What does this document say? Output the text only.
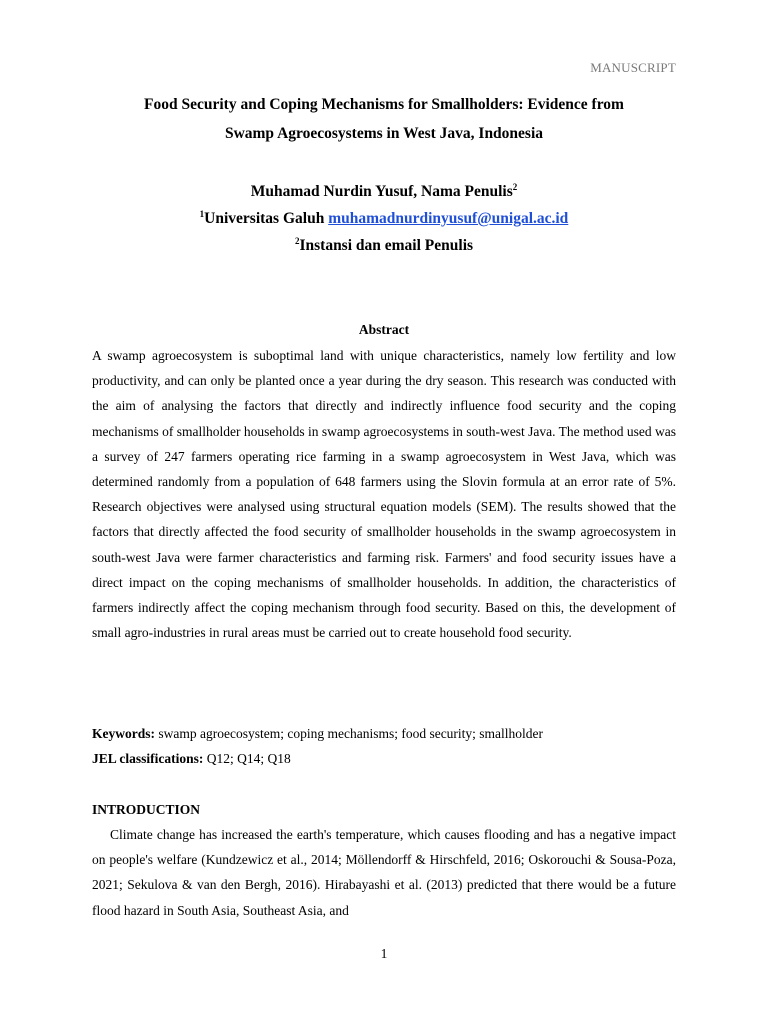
MANUSCRIPT
Food Security and Coping Mechanisms for Smallholders: Evidence from
Swamp Agroecosystems in West Java, Indonesia
Muhamad Nurdin Yusuf, Nama Penulis$^2$
$^1$Universitas Galuh muhamadnurdinyusuf@unigal.ac.id
$^2$Instansi dan email Penulis
Abstract
A swamp agroecosystem is suboptimal land with unique characteristics, namely low fertility and low productivity, and can only be planted once a year during the dry season. This research was conducted with the aim of analysing the factors that directly and indirectly influence food security and the coping mechanisms of smallholder households in swamp agroecosystems in south-west Java. The method used was a survey of 247 farmers operating rice farming in a swamp agroecosystem in West Java, which was determined randomly from a population of 648 farmers using the Slovin formula at an error rate of 5%. Research objectives were analysed using structural equation models (SEM). The results showed that the factors that directly affected the food security of smallholder households in the swamp agroecosystem in south-west Java were farmer characteristics and farming risk. Farmers' and food security issues have a direct impact on the coping mechanisms of smallholder households. In addition, the characteristics of farmers indirectly affect the coping mechanism through food security. Based on this, the development of small agro-industries in rural areas must be carried out to create household food security.
Keywords: swamp agroecosystem; coping mechanisms; food security; smallholder
JEL classifications: Q12; Q14; Q18
INTRODUCTION
Climate change has increased the earth's temperature, which causes flooding and has a negative impact on people's welfare (Kundzewicz et al., 2014; Möllendorff & Hirschfeld, 2016; Oskorouchi & Sousa-Poza, 2021; Sekulova & van den Bergh, 2016). Hirabayashi et al. (2013) predicted that there would be a future flood hazard in South Asia, Southeast Asia, and
1
